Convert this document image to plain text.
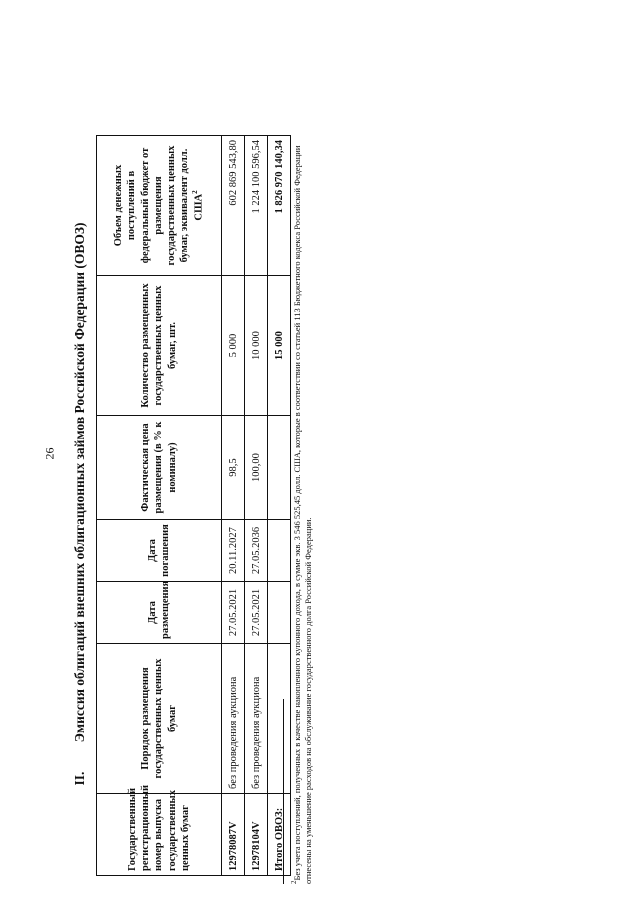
26
II. Эмиссия облигаций внешних облигационных займов Российской Федерации (ОВОЗ)
Государственный регистрационный номер выпуска государственных ценных бумаг	Порядок размещения государственных ценных бумаг	Дата размещения	Дата погашения	Фактическая цена размещения (в % к номиналу)	Количество размещенных государственных ценных бумаг, шт.	Объем денежных поступлений в федеральный бюджет от размещения государственных ценных бумаг, эквивалент долл. США$^2$
12978087V	без проведения аукциона	27.05.2021	20.11.2027	98,5	5 000	602 869 543,80
12978104V	без проведения аукциона	27.05.2021	27.05.2036	100,00	10 000	1 224 100 596,54
Итого ОВОЗ:					15 000	1 826 970 140,34
$^2$Без учета поступлений, полученных в качестве накопленного купонного дохода, в сумме экв. 3 546 525,45 долл. США, которые в соответствии со статьей 113 Бюджетного кодекса Российской Федерации отнесены на уменьшение расходов на обслуживание государственного долга Российской Федерации.
